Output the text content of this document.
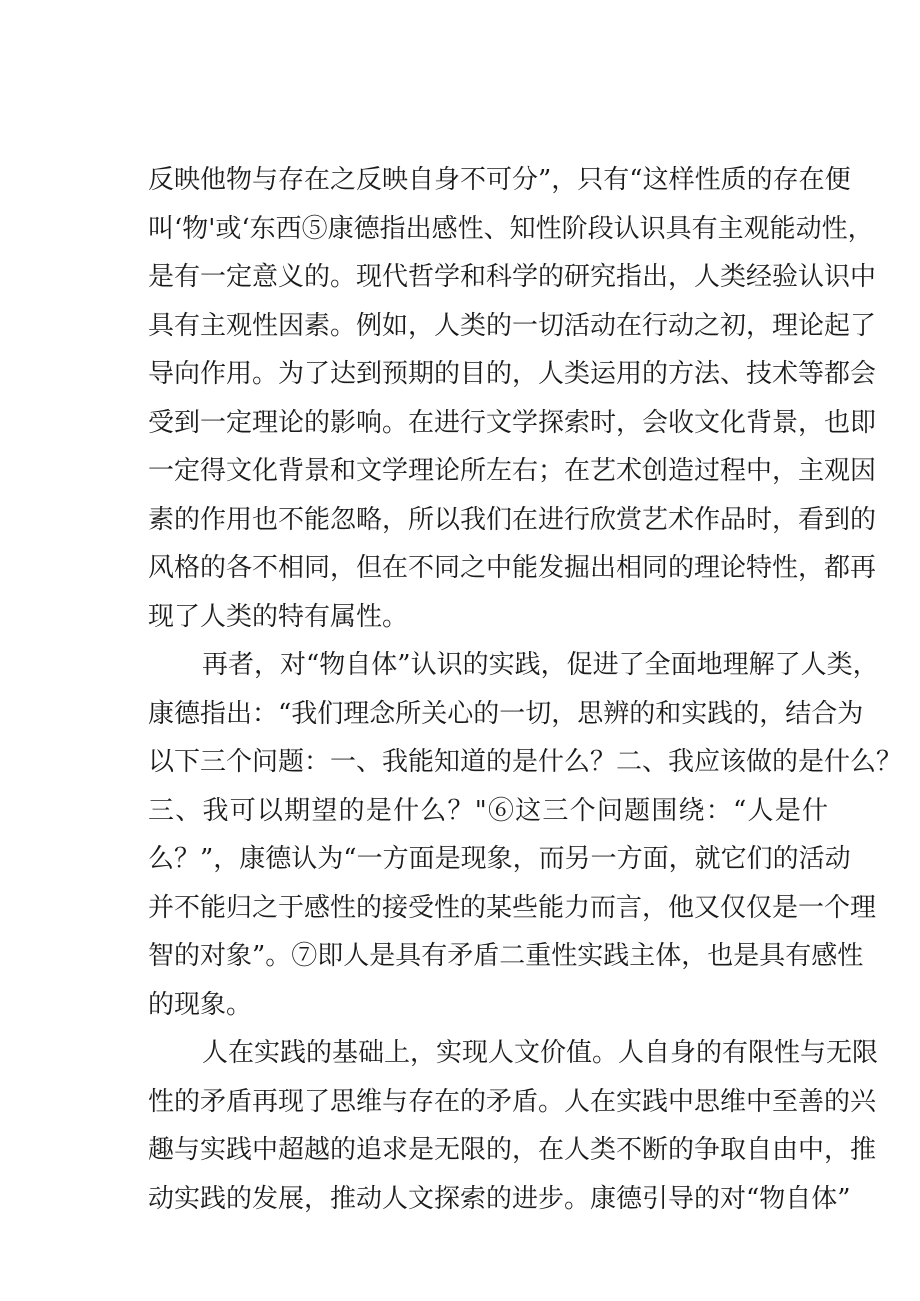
反映他物与存在之反映自身不可分”，只有“这样性质的存在便
叫‘物'或‘东西⑤康德指出感性、知性阶段认识具有主观能动性，
是有一定意义的。现代哲学和科学的研究指出，人类经验认识中
具有主观性因素。例如，人类的一切活动在行动之初，理论起了
导向作用。为了达到预期的目的，人类运用的方法、技术等都会
受到一定理论的影响。在进行文学探索时，会收文化背景，也即
一定得文化背景和文学理论所左右；在艺术创造过程中，主观因
素的作用也不能忽略，所以我们在进行欣赏艺术作品时，看到的
风格的各不相同，但在不同之中能发掘出相同的理论特性，都再
现了人类的特有属性。
再者，对“物自体”认识的实践，促进了全面地理解了人类，
康德指出：“我们理念所关心的一切，思辨的和实践的，结合为
以下三个问题：一、我能知道的是什么？二、我应该做的是什么？
三、我可以期望的是什么？"⑥这三个问题围绕：“人是什
么？”，康德认为“一方面是现象，而另一方面，就它们的活动
并不能归之于感性的接受性的某些能力而言，他又仅仅是一个理
智的对象”。⑦即人是具有矛盾二重性实践主体，也是具有感性
的现象。
人在实践的基础上，实现人文价值。人自身的有限性与无限
性的矛盾再现了思维与存在的矛盾。人在实践中思维中至善的兴
趣与实践中超越的追求是无限的，在人类不断的争取自由中，推
动实践的发展，推动人文探索的进步。康德引导的对“物自体”
